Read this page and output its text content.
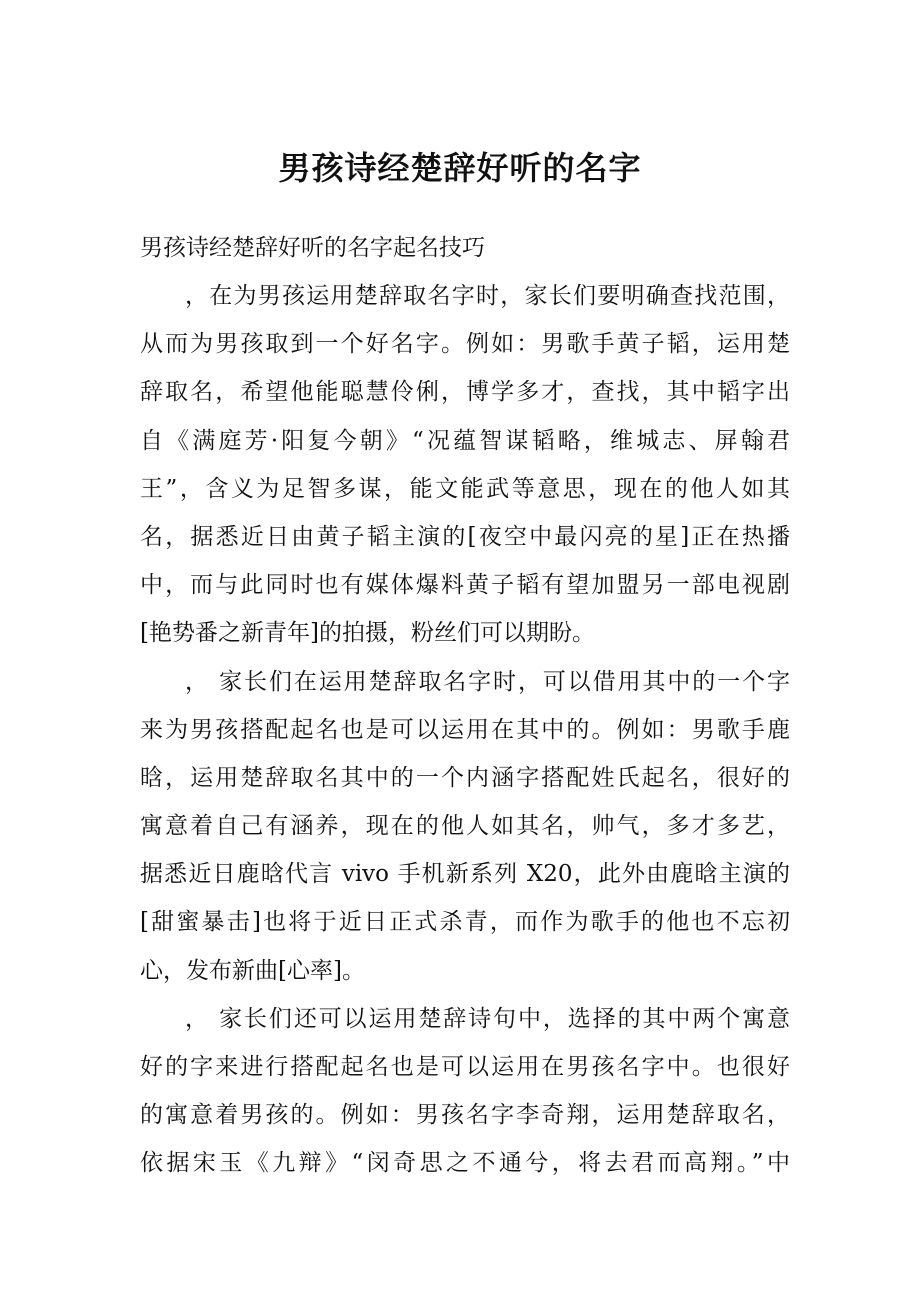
男孩诗经楚辞好听的名字

男孩诗经楚辞好听的名字起名技巧

，在为男孩运用楚辞取名字时，家长们要明确查找范围，
从而为男孩取到一个好名字。例如：男歌手黄子韬，运用楚
辞取名，希望他能聪慧伶俐，博学多才，查找，其中韬字出
自《满庭芳·阳复今朝》“况蕴智谋韬略，维城志、屏翰君
王”，含义为足智多谋，能文能武等意思，现在的他人如其
名，据悉近日由黄子韬主演的[夜空中最闪亮的星]正在热播
中，而与此同时也有媒体爆料黄子韬有望加盟另一部电视剧
[艳势番之新青年]的拍摄，粉丝们可以期盼。

， 家长们在运用楚辞取名字时，可以借用其中的一个字
来为男孩搭配起名也是可以运用在其中的。例如：男歌手鹿
晗，运用楚辞取名其中的一个内涵字搭配姓氏起名，很好的
寓意着自己有涵养，现在的他人如其名，帅气，多才多艺，
据悉近日鹿晗代言 vivo 手机新系列 X20，此外由鹿晗主演的
[甜蜜暴击]也将于近日正式杀青，而作为歌手的他也不忘初
心，发布新曲[心率]。

， 家长们还可以运用楚辞诗句中，选择的其中两个寓意
好的字来进行搭配起名也是可以运用在男孩名字中。也很好
的寓意着男孩的。例如：男孩名字李奇翔，运用楚辞取名，
依据宋玉《九辩》“闵奇思之不通兮，将去君而高翔。”中
